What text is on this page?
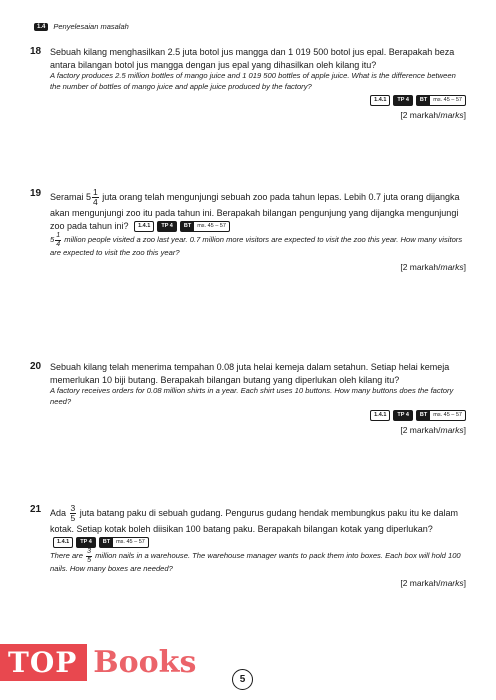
1.4	Penyelesaian masalah
18 Sebuah kilang menghasilkan 2.5 juta botol jus mangga dan 1 019 500 botol jus epal. Berapakah beza antara bilangan botol jus mangga dengan jus epal yang dihasilkan oleh kilang itu?

A factory produces 2.5 million bottles of mango juice and 1 019 500 bottles of apple juice. What is the difference between the number of bottles of mango juice and apple juice produced by the factory?

1.4.1	TP 4	BT	ms. 45 – 57
[2 markah/marks]
19 Seramai $5 \frac{1}{4}$ juta orang telah mengunjungi sebuah zoo pada tahun lepas. Lebih 0.7 juta orang dijangka akan mengunjungi zoo itu pada tahun ini. Berapakah bilangan pengunjung yang dijangka mengunjungi zoo pada tahun ini?	1.4.1	TP 4	BT	ms. 45 – 57

$5 \frac{1}{4}$ million people visited a zoo last year. 0.7 million more visitors are expected to visit the zoo this year. How many visitors are expected to visit the zoo this year?

[2 markah/marks]
20 Sebuah kilang telah menerima tempahan 0.08 juta helai kemeja dalam setahun. Setiap helai kemeja memerlukan 10 biji butang. Berapakah bilangan butang yang diperlukan oleh kilang itu?

A factory receives orders for 0.08 million shirts in a year. Each shirt uses 10 buttons. How many buttons does the factory need?

1.4.1	TP 4	BT	ms. 45 – 57
[2 markah/marks]
21 Ada $\frac{3}{5}$ juta batang paku di sebuah gudang. Pengurus gudang hendak membungkus paku itu ke dalam kotak. Setiap kotak boleh diisikan 100 batang paku. Berapakah bilangan kotak yang diperlukan?
1.4.1	TP 4	BT	ms. 45 – 57

There are $\frac{3}{5}$ million nails in a warehouse. The warehouse manager wants to pack them into boxes. Each box will hold 100 nails. How many boxes are needed?

[2 markah/marks]
TOP Books	5
